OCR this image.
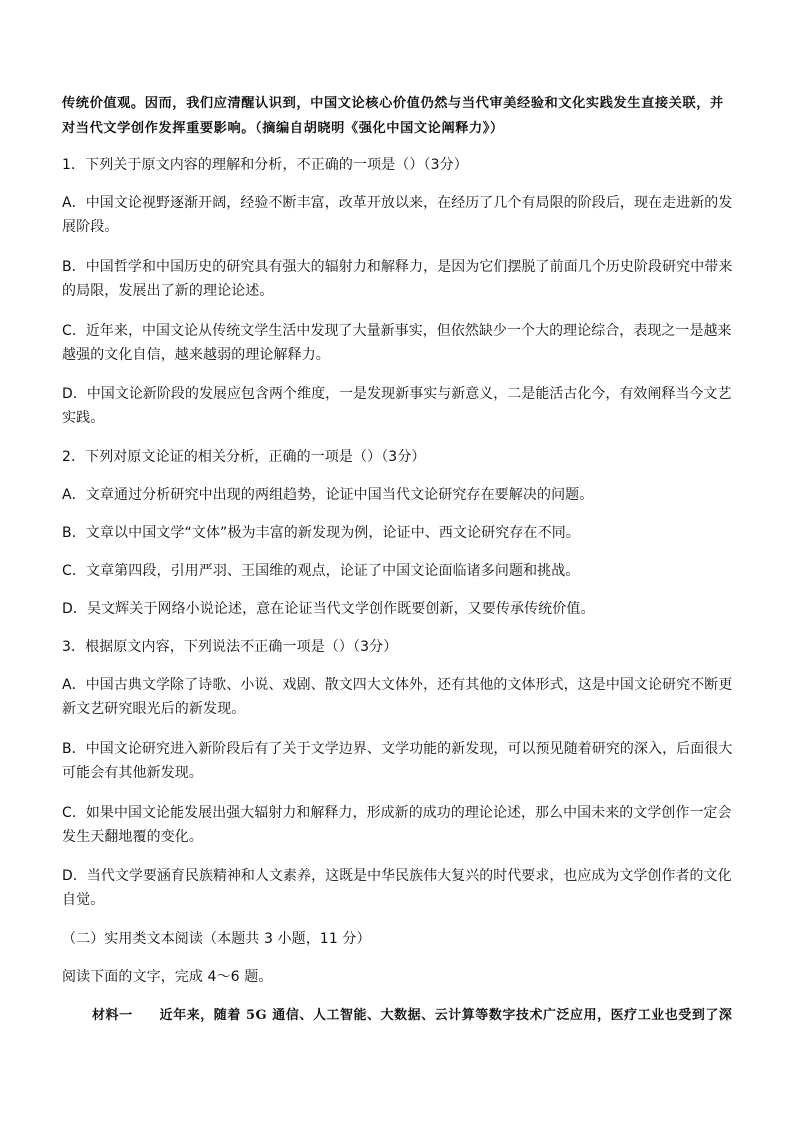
传统价值观。因而，我们应清醒认识到，中国文论核心价值仍然与当代审美经验和文化实践发生直接关联，并
对当代文学创作发挥重要影响。（摘编自胡晓明《强化中国文论阐释力》）
1．下列关于原文内容的理解和分析，不正确的一项是（）（3分）
A．中国文论视野逐渐开阔，经验不断丰富，改革开放以来，在经历了几个有局限的阶段后，现在走进新的发
展阶段。
B．中国哲学和中国历史的研究具有强大的辐射力和解释力，是因为它们摆脱了前面几个历史阶段研究中带来
的局限，发展出了新的理论论述。
C．近年来，中国文论从传统文学生活中发现了大量新事实，但依然缺少一个大的理论综合，表现之一是越来
越强的文化自信，越来越弱的理论解释力。
D．中国文论新阶段的发展应包含两个维度，一是发现新事实与新意义，二是能活古化今，有效阐释当今文艺
实践。
2．下列对原文论证的相关分析，正确的一项是（）（3分）
A．文章通过分析研究中出现的两组趋势，论证中国当代文论研究存在要解决的问题。
B．文章以中国文学“文体”极为丰富的新发现为例，论证中、西文论研究存在不同。
C．文章第四段，引用严羽、王国维的观点，论证了中国文论面临诸多问题和挑战。
D．吴文辉关于网络小说论述，意在论证当代文学创作既要创新，又要传承传统价值。
3．根据原文内容，下列说法不正确一项是（）（3分）
A．中国古典文学除了诗歌、小说、戏剧、散文四大文体外，还有其他的文体形式，这是中国文论研究不断更
新文艺研究眼光后的新发现。
B．中国文论研究进入新阶段后有了关于文学边界、文学功能的新发现，可以预见随着研究的深入，后面很大
可能会有其他新发现。
C．如果中国文论能发展出强大辐射力和解释力，形成新的成功的理论论述，那么中国未来的文学创作一定会
发生天翻地覆的变化。
D．当代文学要涵育民族精神和人文素养，这既是中华民族伟大复兴的时代要求，也应成为文学创作者的文化
自觉。
（二）实用类文本阅读（本题共 3 小题，11 分）
阅读下面的文字，完成 4～6 题。
材料一　　近年来，随着 5G 通信、人工智能、大数据、云计算等数字技术广泛应用，医疗工业也受到了深
